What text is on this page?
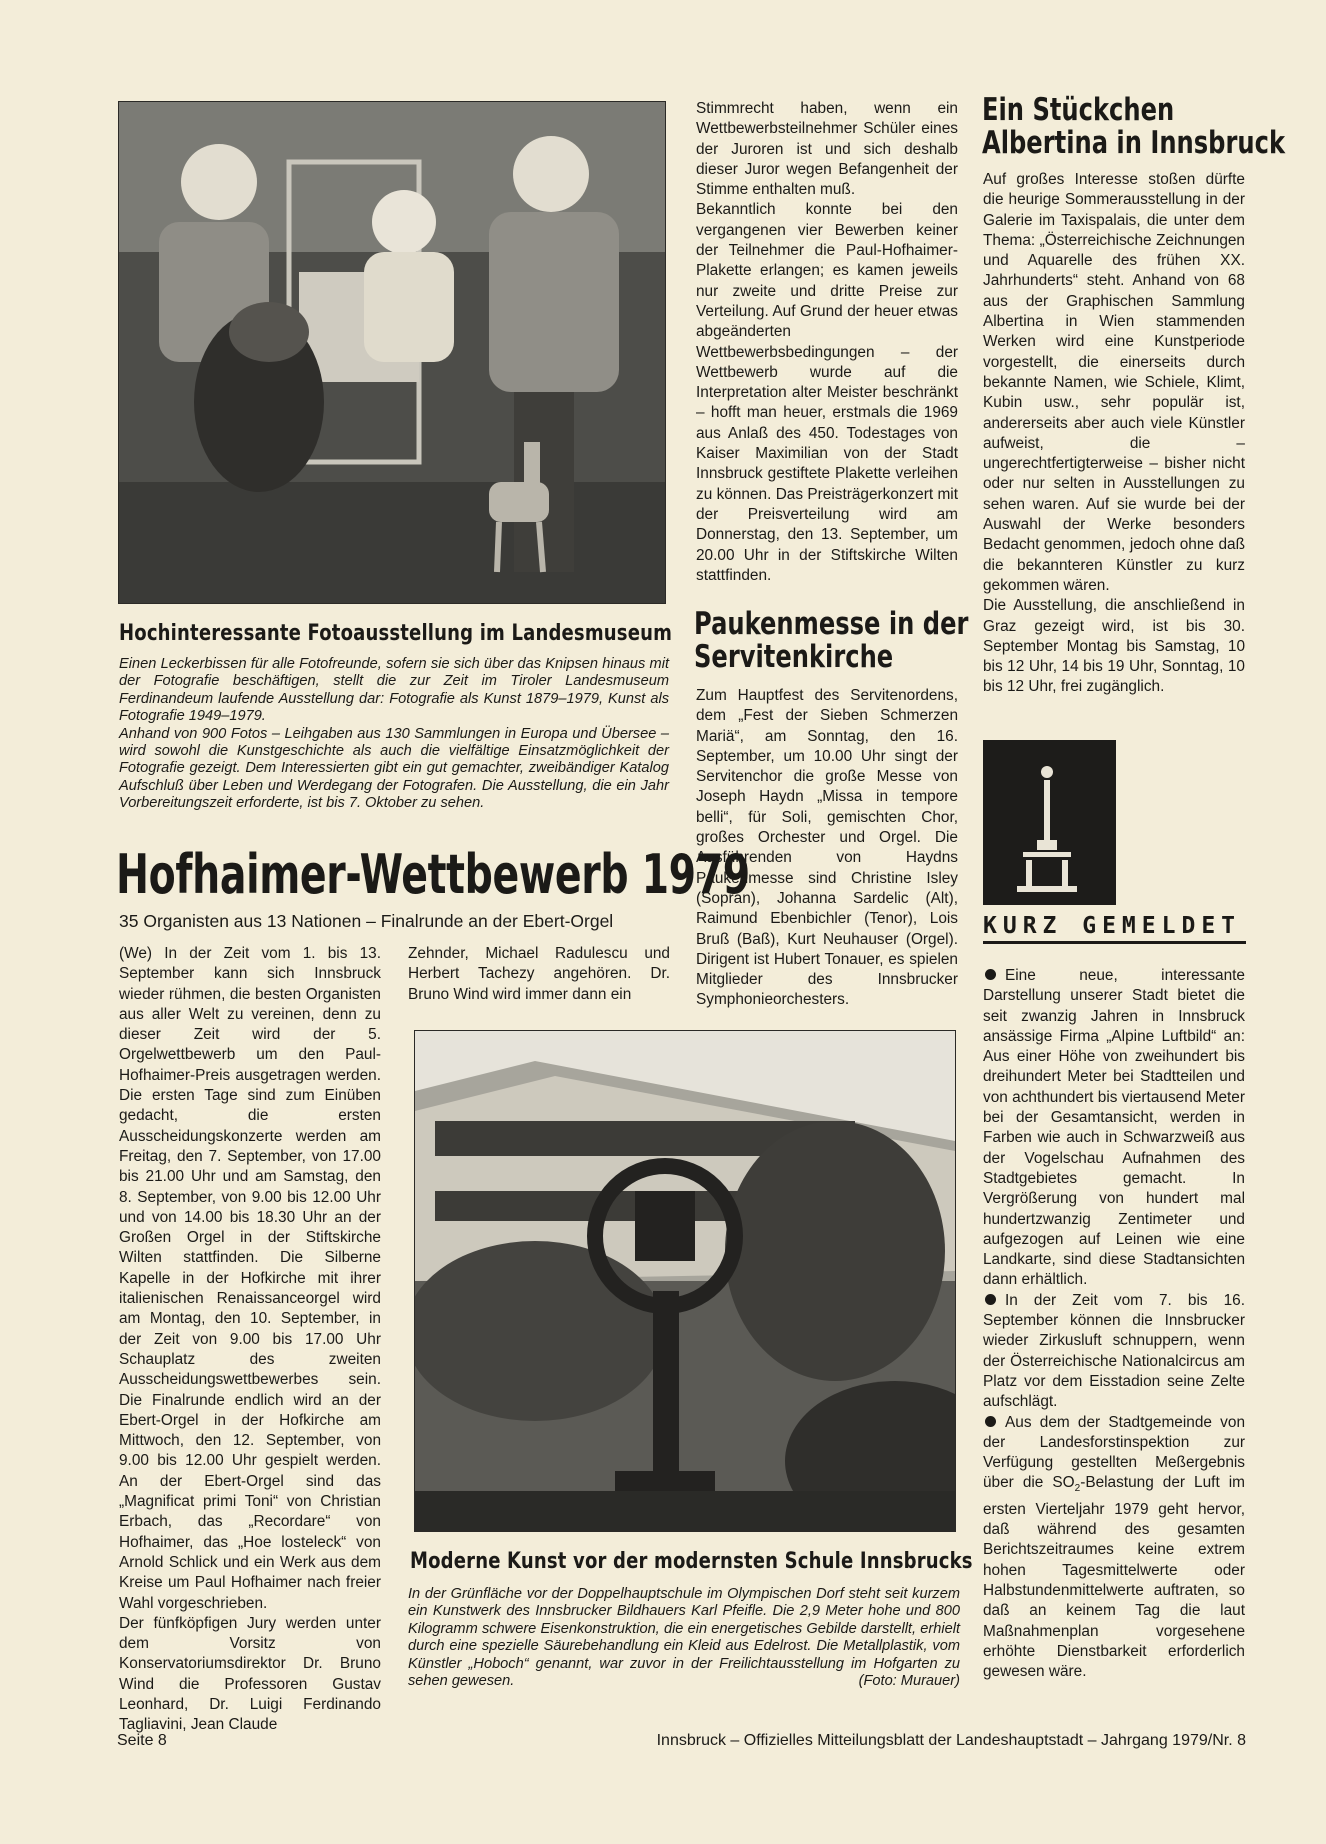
Hochinteressante Fotoausstellung im Landesmuseum

Einen Leckerbissen für alle Fotofreunde, sofern sie sich über das Knipsen hinaus mit der Fotografie beschäftigen, stellt die zur Zeit im Tiroler Landesmuseum Ferdinandeum laufende Ausstellung dar: Fotografie als Kunst 1879–1979, Kunst als Fotografie 1949–1979.

Anhand von 900 Fotos – Leihgaben aus 130 Sammlungen in Europa und Übersee – wird sowohl die Kunstgeschichte als auch die vielfältige Einsatzmöglichkeit der Fotografie gezeigt. Dem Interessierten gibt ein gut gemachter, zweibändiger Katalog Aufschluß über Leben und Werdegang der Fotografen. Die Ausstellung, die ein Jahr Vorbereitungszeit erforderte, ist bis 7. Oktober zu sehen.

Hofhaimer-Wettbewerb 1979
35 Organisten aus 13 Nationen – Finalrunde an der Ebert-Orgel

(We) In der Zeit vom 1. bis 13. September kann sich Innsbruck wieder rühmen, die besten Organisten aus aller Welt zu vereinen, denn zu dieser Zeit wird der 5. Orgelwettbewerb um den Paul-Hofhaimer-Preis ausgetragen werden. Die ersten Tage sind zum Einüben gedacht, die ersten Ausscheidungskonzerte werden am Freitag, den 7. September, von 17.00 bis 21.00 Uhr und am Samstag, den 8. September, von 9.00 bis 12.00 Uhr und von 14.00 bis 18.30 Uhr an der Großen Orgel in der Stiftskirche Wilten stattfinden. Die Silberne Kapelle in der Hofkirche mit ihrer italienischen Renaissanceorgel wird am Montag, den 10. September, in der Zeit von 9.00 bis 17.00 Uhr Schauplatz des zweiten Ausscheidungswettbewerbes sein. Die Finalrunde endlich wird an der Ebert-Orgel in der Hofkirche am Mittwoch, den 12. September, von 9.00 bis 12.00 Uhr gespielt werden. An der Ebert-Orgel sind das „Magnificat primi Toni“ von Christian Erbach, das „Recordare“ von Hofhaimer, das „Hoe losteleck“ von Arnold Schlick und ein Werk aus dem Kreise um Paul Hofhaimer nach freier Wahl vorgeschrieben.

Der fünfköpfigen Jury werden unter dem Vorsitz von Konservatoriumsdirektor Dr. Bruno Wind die Professoren Gustav Leonhard, Dr. Luigi Ferdinando Tagliavini, Jean Claude

Zehnder, Michael Radulescu und Herbert Tachezy angehören. Dr. Bruno Wind wird immer dann ein

Stimmrecht haben, wenn ein Wettbewerbsteilnehmer Schüler eines der Juroren ist und sich deshalb dieser Juror wegen Befangenheit der Stimme enthalten muß.

Bekanntlich konnte bei den vergangenen vier Bewerben keiner der Teilnehmer die Paul-Hofhaimer-Plakette erlangen; es kamen jeweils nur zweite und dritte Preise zur Verteilung. Auf Grund der heuer etwas abgeänderten Wettbewerbsbedingungen – der Wettbewerb wurde auf die Interpretation alter Meister beschränkt – hofft man heuer, erstmals die 1969 aus Anlaß des 450. Todestages von Kaiser Maximilian von der Stadt Innsbruck gestiftete Plakette verleihen zu können. Das Preisträgerkonzert mit der Preisverteilung wird am Donnerstag, den 13. September, um 20.00 Uhr in der Stiftskirche Wilten stattfinden.

Paukenmesse in der
Servitenkirche

Zum Hauptfest des Servitenordens, dem „Fest der Sieben Schmerzen Mariä“, am Sonntag, den 16. September, um 10.00 Uhr singt der Servitenchor die große Messe von Joseph Haydn „Missa in tempore belli“, für Soli, gemischten Chor, großes Orchester und Orgel. Die Ausführenden von Haydns Paukenmesse sind Christine Isley (Sopran), Johanna Sardelic (Alt), Raimund Ebenbichler (Tenor), Lois Bruß (Baß), Kurt Neuhauser (Orgel). Dirigent ist Hubert Tonauer, es spielen Mitglieder des Innsbrucker Symphonieorchesters.

Moderne Kunst vor der modernsten Schule Innsbrucks

In der Grünfläche vor der Doppelhauptschule im Olympischen Dorf steht seit kurzem ein Kunstwerk des Innsbrucker Bildhauers Karl Pfeifle. Die 2,9 Meter hohe und 800 Kilogramm schwere Eisenkonstruktion, die ein energetisches Gebilde darstellt, erhielt durch eine spezielle Säurebehandlung ein Kleid aus Edelrost. Die Metallplastik, vom Künstler „Hoboch“ genannt, war zuvor in der Freilichtausstellung im Hofgarten zu sehen gewesen.	(Foto: Murauer)
Ein Stückchen
Albertina in Innsbruck

Auf großes Interesse stoßen dürfte die heurige Sommerausstellung in der Galerie im Taxispalais, die unter dem Thema: „Österreichische Zeichnungen und Aquarelle des frühen XX. Jahrhunderts“ steht. Anhand von 68 aus der Graphischen Sammlung Albertina in Wien stammenden Werken wird eine Kunstperiode vorgestellt, die einerseits durch bekannte Namen, wie Schiele, Klimt, Kubin usw., sehr populär ist, andererseits aber auch viele Künstler aufweist, die – ungerechtfertigterweise – bisher nicht oder nur selten in Ausstellungen zu sehen waren. Auf sie wurde bei der Auswahl der Werke besonders Bedacht genommen, jedoch ohne daß die bekannteren Künstler zu kurz gekommen wären.

Die Ausstellung, die anschließend in Graz gezeigt wird, ist bis 30. September Montag bis Samstag, 10 bis 12 Uhr, 14 bis 19 Uhr, Sonntag, 10 bis 12 Uhr, frei zugänglich.

KURZ GEMELDET

Eine neue, interessante Darstellung unserer Stadt bietet die seit zwanzig Jahren in Innsbruck ansässige Firma „Alpine Luftbild“ an: Aus einer Höhe von zweihundert bis dreihundert Meter bei Stadtteilen und von achthundert bis viertausend Meter bei der Gesamtansicht, werden in Farben wie auch in Schwarzweiß aus der Vogelschau Aufnahmen des Stadtgebietes gemacht. In Vergrößerung von hundert mal hundertzwanzig Zentimeter und aufgezogen auf Leinen wie eine Landkarte, sind diese Stadtansichten dann erhältlich.

In der Zeit vom 7. bis 16. September können die Innsbrucker wieder Zirkusluft schnuppern, wenn der Österreichische Nationalcircus am Platz vor dem Eisstadion seine Zelte aufschlägt.

Aus dem der Stadtgemeinde von der Landesforstinspektion zur Verfügung gestellten Meßergebnis über die $SO_2$-Belastung der Luft im ersten Vierteljahr 1979 geht hervor, daß während des gesamten Berichtszeitraumes keine extrem hohen Tagesmittelwerte oder Halbstundenmittelwerte auftraten, so daß an keinem Tag die laut Maßnahmenplan vorgesehene erhöhte Dienstbarkeit erforderlich gewesen wäre.

Seite 8	Innsbruck – Offizielles Mitteilungsblatt der Landeshauptstadt – Jahrgang 1979/Nr. 8
